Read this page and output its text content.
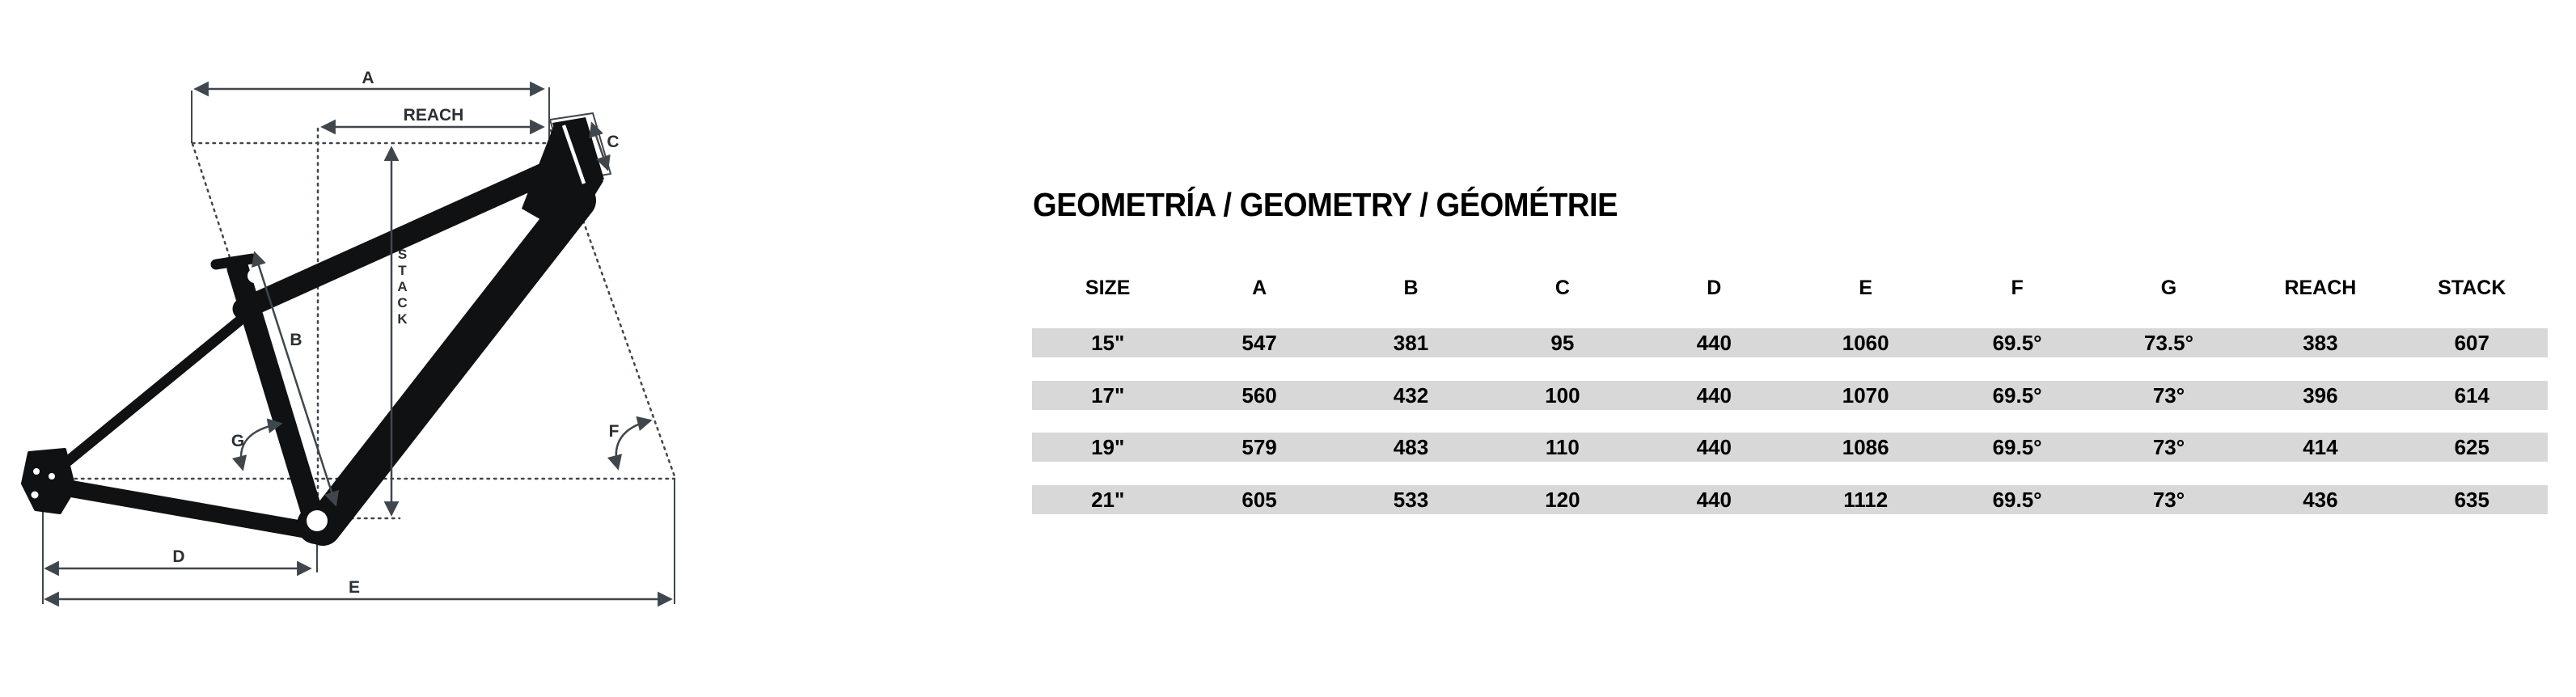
A
REACH
C
B
G
F
D
E
STACK
GEOMETRÍA / GEOMETRY / GÉOMÉTRIE
SIZE	A	B	C	D	E	F	G	REACH	STACK
15"	547	381	95	440	1060	69.5°	73.5°	383	607
17"	560	432	100	440	1070	69.5°	73°	396	614
19"	579	483	110	440	1086	69.5°	73°	414	625
21"	605	533	120	440	1112	69.5°	73°	436	635
